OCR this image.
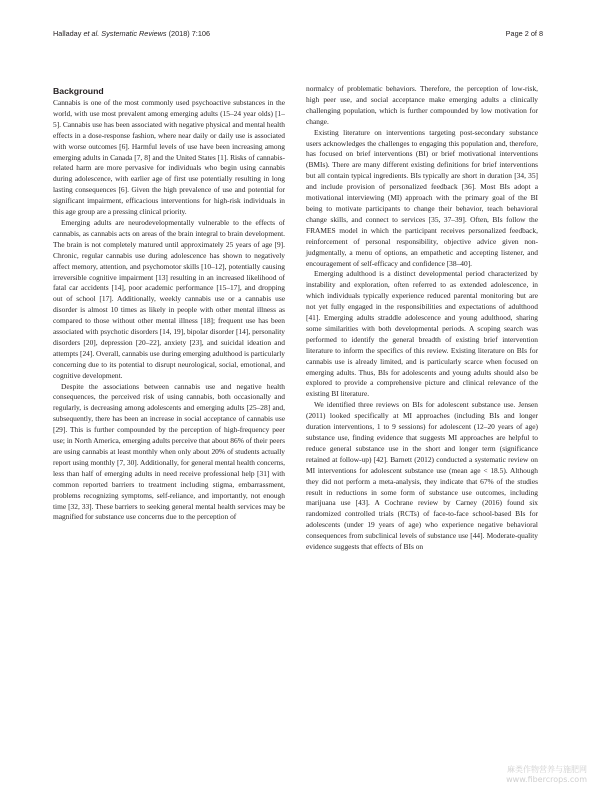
Halladay et al. Systematic Reviews (2018) 7:106	Page 2 of 8
Background

Cannabis is one of the most commonly used psychoactive substances in the world, with use most prevalent among emerging adults (15–24 year olds) [1–5]. Cannabis use has been associated with negative physical and mental health effects in a dose-response fashion, where near daily or daily use is associated with worse outcomes [6]. Harmful levels of use have been increasing among emerging adults in Canada [7, 8] and the United States [1]. Risks of cannabis-related harm are more pervasive for individuals who begin using cannabis during adolescence, with earlier age of first use potentially resulting in long lasting consequences [6]. Given the high prevalence of use and potential for significant impairment, efficacious interventions for high-risk individuals in this age group are a pressing clinical priority.

Emerging adults are neurodevelopmentally vulnerable to the effects of cannabis, as cannabis acts on areas of the brain integral to brain development. The brain is not completely matured until approximately 25 years of age [9]. Chronic, regular cannabis use during adolescence has shown to negatively affect memory, attention, and psychomotor skills [10–12], potentially causing irreversible cognitive impairment [13] resulting in an increased likelihood of fatal car accidents [14], poor academic performance [15–17], and dropping out of school [17]. Additionally, weekly cannabis use or a cannabis use disorder is almost 10 times as likely in people with other mental illness as compared to those without other mental illness [18]; frequent use has been associated with psychotic disorders [14, 19], bipolar disorder [14], personality disorders [20], depression [20–22], anxiety [23], and suicidal ideation and attempts [24]. Overall, cannabis use during emerging adulthood is particularly concerning due to its potential to disrupt neurological, social, emotional, and cognitive development.

Despite the associations between cannabis use and negative health consequences, the perceived risk of using cannabis, both occasionally and regularly, is decreasing among adolescents and emerging adults [25–28] and, subsequently, there has been an increase in social acceptance of cannabis use [29]. This is further compounded by the perception of high-frequency peer use; in North America, emerging adults perceive that about 86% of their peers are using cannabis at least monthly when only about 20% of students actually report using monthly [7, 30]. Additionally, for general mental health concerns, less than half of emerging adults in need receive professional help [31] with common reported barriers to treatment including stigma, embarrassment, problems recognizing symptoms, self-reliance, and importantly, not enough time [32, 33]. These barriers to seeking general mental health services may be magnified for substance use concerns due to the perception of

normalcy of problematic behaviors. Therefore, the perception of low-risk, high peer use, and social acceptance make emerging adults a clinically challenging population, which is further compounded by low motivation for change.

Existing literature on interventions targeting post-secondary substance users acknowledges the challenges to engaging this population and, therefore, has focused on brief interventions (BI) or brief motivational interventions (BMIs). There are many different existing definitions for brief interventions but all contain typical ingredients. BIs typically are short in duration [34, 35] and include provision of personalized feedback [36]. Most BIs adopt a motivational interviewing (MI) approach with the primary goal of the BI being to motivate participants to change their behavior, teach behavioral change skills, and connect to services [35, 37–39]. Often, BIs follow the FRAMES model in which the participant receives personalized feedback, reinforcement of personal responsibility, objective advice given non-judgmentally, a menu of options, an empathetic and accepting listener, and encouragement of self-efficacy and confidence [38–40].

Emerging adulthood is a distinct developmental period characterized by instability and exploration, often referred to as extended adolescence, in which individuals typically experience reduced parental monitoring but are not yet fully engaged in the responsibilities and expectations of adulthood [41]. Emerging adults straddle adolescence and young adulthood, sharing some similarities with both developmental periods. A scoping search was performed to identify the general breadth of existing brief intervention literature to inform the specifics of this review. Existing literature on BIs for cannabis use is already limited, and is particularly scarce when focused on emerging adults. Thus, BIs for adolescents and young adults should also be explored to provide a comprehensive picture and clinical relevance of the existing BI literature.

We identified three reviews on BIs for adolescent substance use. Jensen (2011) looked specifically at MI approaches (including BIs and longer duration interventions, 1 to 9 sessions) for adolescent (12–20 years of age) substance use, finding evidence that suggests MI approaches are helpful to reduce general substance use in the short and longer term (significance retained at follow-up) [42]. Barnett (2012) conducted a systematic review on MI interventions for adolescent substance use (mean age < 18.5). Although they did not perform a meta-analysis, they indicate that 67% of the studies result in reductions in some form of substance use outcomes, including marijuana use [43]. A Cochrane review by Carney (2016) found six randomized controlled trials (RCTs) of face-to-face school-based BIs for adolescents (under 19 years of age) who experience negative behavioral consequences from subclinical levels of substance use [44]. Moderate-quality evidence suggests that effects of BIs on

麻类作物营养与施肥网
www.fibercrops.com
